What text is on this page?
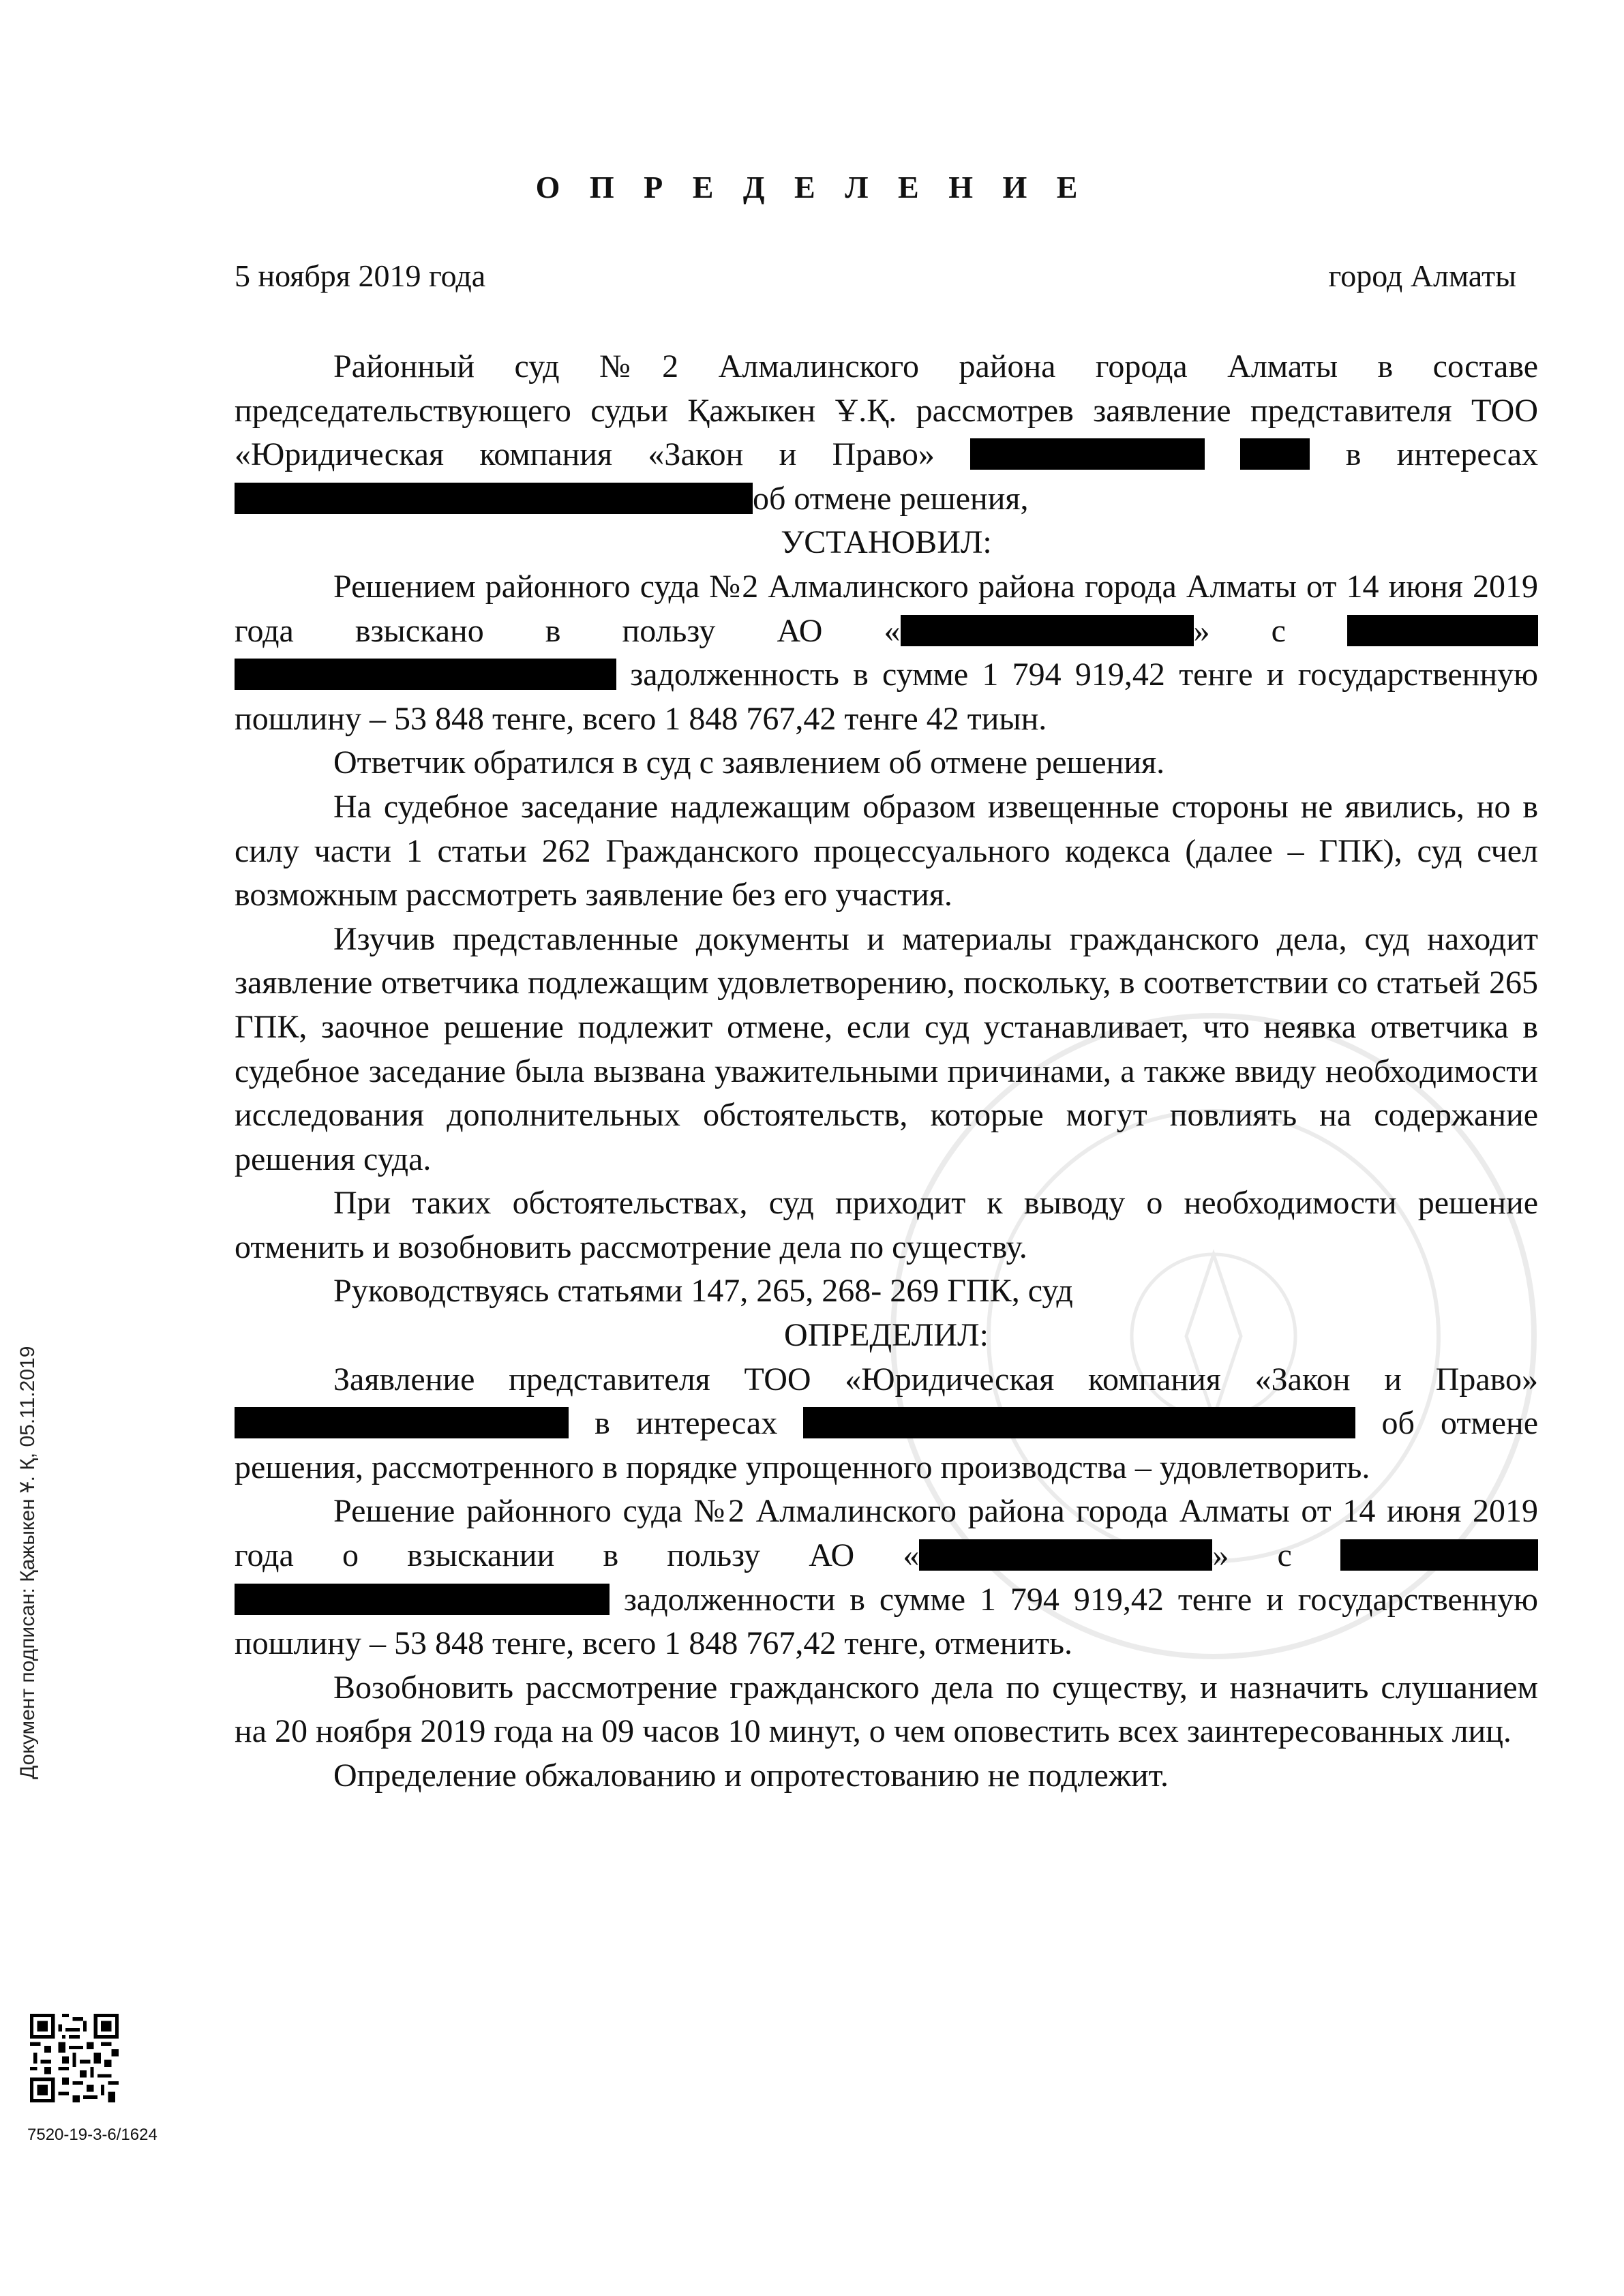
О П Р Е Д Е Л Е Н И Е
5 ноября 2019 года	город Алматы

Районный суд №2 Алмалинского района города Алматы в составе председательствующего судьи Қажыкен Ұ.Қ. рассмотрев заявление представителя ТОО «Юридическая компания «Закон и Право»	в интересах об отмене решения,

УСТАНОВИЛ:

Решением районного суда №2 Алмалинского района города Алматы от 14 июня 2019 года взыскано в пользу АО «	» с   задолженность в сумме 1 794 919,42 тенге и государственную пошлину – 53 848 тенге, всего 1 848 767,42 тенге 42 тиын.

Ответчик обратился в суд с заявлением об отмене решения.

На судебное заседание надлежащим образом извещенные стороны не явились, но в силу части 1 статьи 262 Гражданского процессуального кодекса (далее – ГПК), суд счел возможным рассмотреть заявление без его участия.

Изучив представленные документы и материалы гражданского дела, суд находит заявление ответчика подлежащим удовлетворению, поскольку, в соответствии со статьей 265 ГПК, заочное решение подлежит отмене, если суд устанавливает, что неявка ответчика в судебное заседание была вызвана уважительными причинами, а также ввиду необходимости исследования дополнительных обстоятельств, которые могут повлиять на содержание решения суда.

При таких обстоятельствах, суд приходит к выводу о необходимости решение отменить и возобновить рассмотрение дела по существу.

Руководствуясь статьями 147, 265, 268- 269 ГПК, суд

ОПРЕДЕЛИЛ:

Заявление представителя ТОО «Юридическая компания «Закон и Право»  в интересах	об отмене решения, рассмотренного в порядке упрощенного производства – удовлетворить.

Решение районного суда №2 Алмалинского района города Алматы от 14 июня 2019 года о взыскании в пользу АО «	» с   задолженности в сумме 1 794 919,42 тенге и государственную пошлину – 53 848 тенге, всего 1 848 767,42 тенге, отменить.

Возобновить рассмотрение гражданского дела по существу, и назначить слушанием на 20 ноября 2019 года на 09 часов 10 минут, о чем оповестить всех заинтересованных лиц.

Определение обжалованию и опротестованию не подлежит.

Документ подписан: Қажыкен Ұ. Қ, 05.11.2019
7520-19-3-6/1624
